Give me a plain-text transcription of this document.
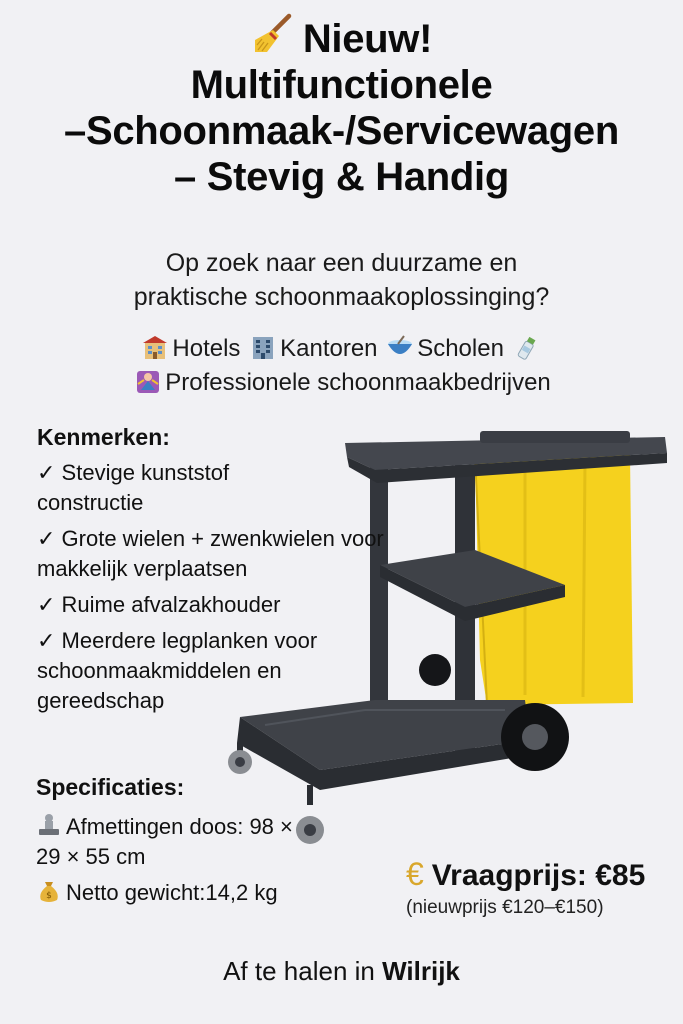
Nieuw!
Multifunctionele
–Schoonmaak-/Servicewagen
– Stevig & Handig
Op zoek naar een duurzame en
praktische schoonmaakoplossinging?
Hotels Kantoren Scholen
Professionele schoonmaakbedrijven
Kenmerken:
✓ Stevige kunststof constructie
✓ Grote wielen + zwenkwielen voor makkelijk verplaatsen
✓ Ruime afvalzakhouder
✓ Meerdere legplanken voor schoonmaakmiddelen en gereedschap
Specificaties:
Afmettingen doos: 98 × 29 × 55 cm
$ Netto gewicht:14,2 kg
€ Vraagprijs: €85
(nieuwprijs €120–€150)
Af te halen in Wilrijk
